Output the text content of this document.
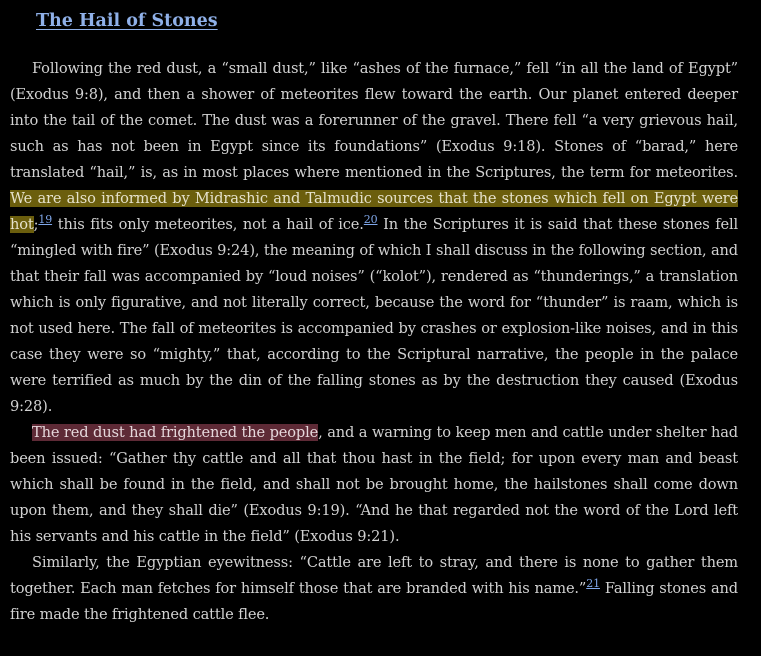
The Hail of Stones

Following the red dust, a “small dust,” like “ashes of the furnace,” fell “in all the land of Egypt” (Exodus 9:8), and then a shower of meteorites flew toward the earth. Our planet entered deeper into the tail of the comet. The dust was a forerunner of the gravel. There fell “a very grievous hail, such as has not been in Egypt since its foundations” (Exodus 9:18). Stones of “barad,” here translated “hail,” is, as in most places where mentioned in the Scriptures, the term for meteorites. We are also informed by Midrashic and Talmudic sources that the stones which fell on Egypt were hot;$^{19}$ this fits only meteorites, not a hail of ice.$^{20}$ In the Scriptures it is said that these stones fell “mingled with fire” (Exodus 9:24), the meaning of which I shall discuss in the following section, and that their fall was accompanied by “loud noises” (“kolot”), rendered as “thunderings,” a translation which is only figurative, and not literally correct, because the word for “thunder” is raam, which is not used here. The fall of meteorites is accompanied by crashes or explosion-like noises, and in this case they were so “mighty,” that, according to the Scriptural narrative, the people in the palace were terrified as much by the din of the falling stones as by the destruction they caused (Exodus 9:28).

The red dust had frightened the people, and a warning to keep men and cattle under shelter had been issued: “Gather thy cattle and all that thou hast in the field; for upon every man and beast which shall be found in the field, and shall not be brought home, the hailstones shall come down upon them, and they shall die” (Exodus 9:19). “And he that regarded not the word of the Lord left his servants and his cattle in the field” (Exodus 9:21).

Similarly, the Egyptian eyewitness: “Cattle are left to stray, and there is none to gather them together. Each man fetches for himself those that are branded with his name.”$^{21}$ Falling stones and fire made the frightened cattle flee.
